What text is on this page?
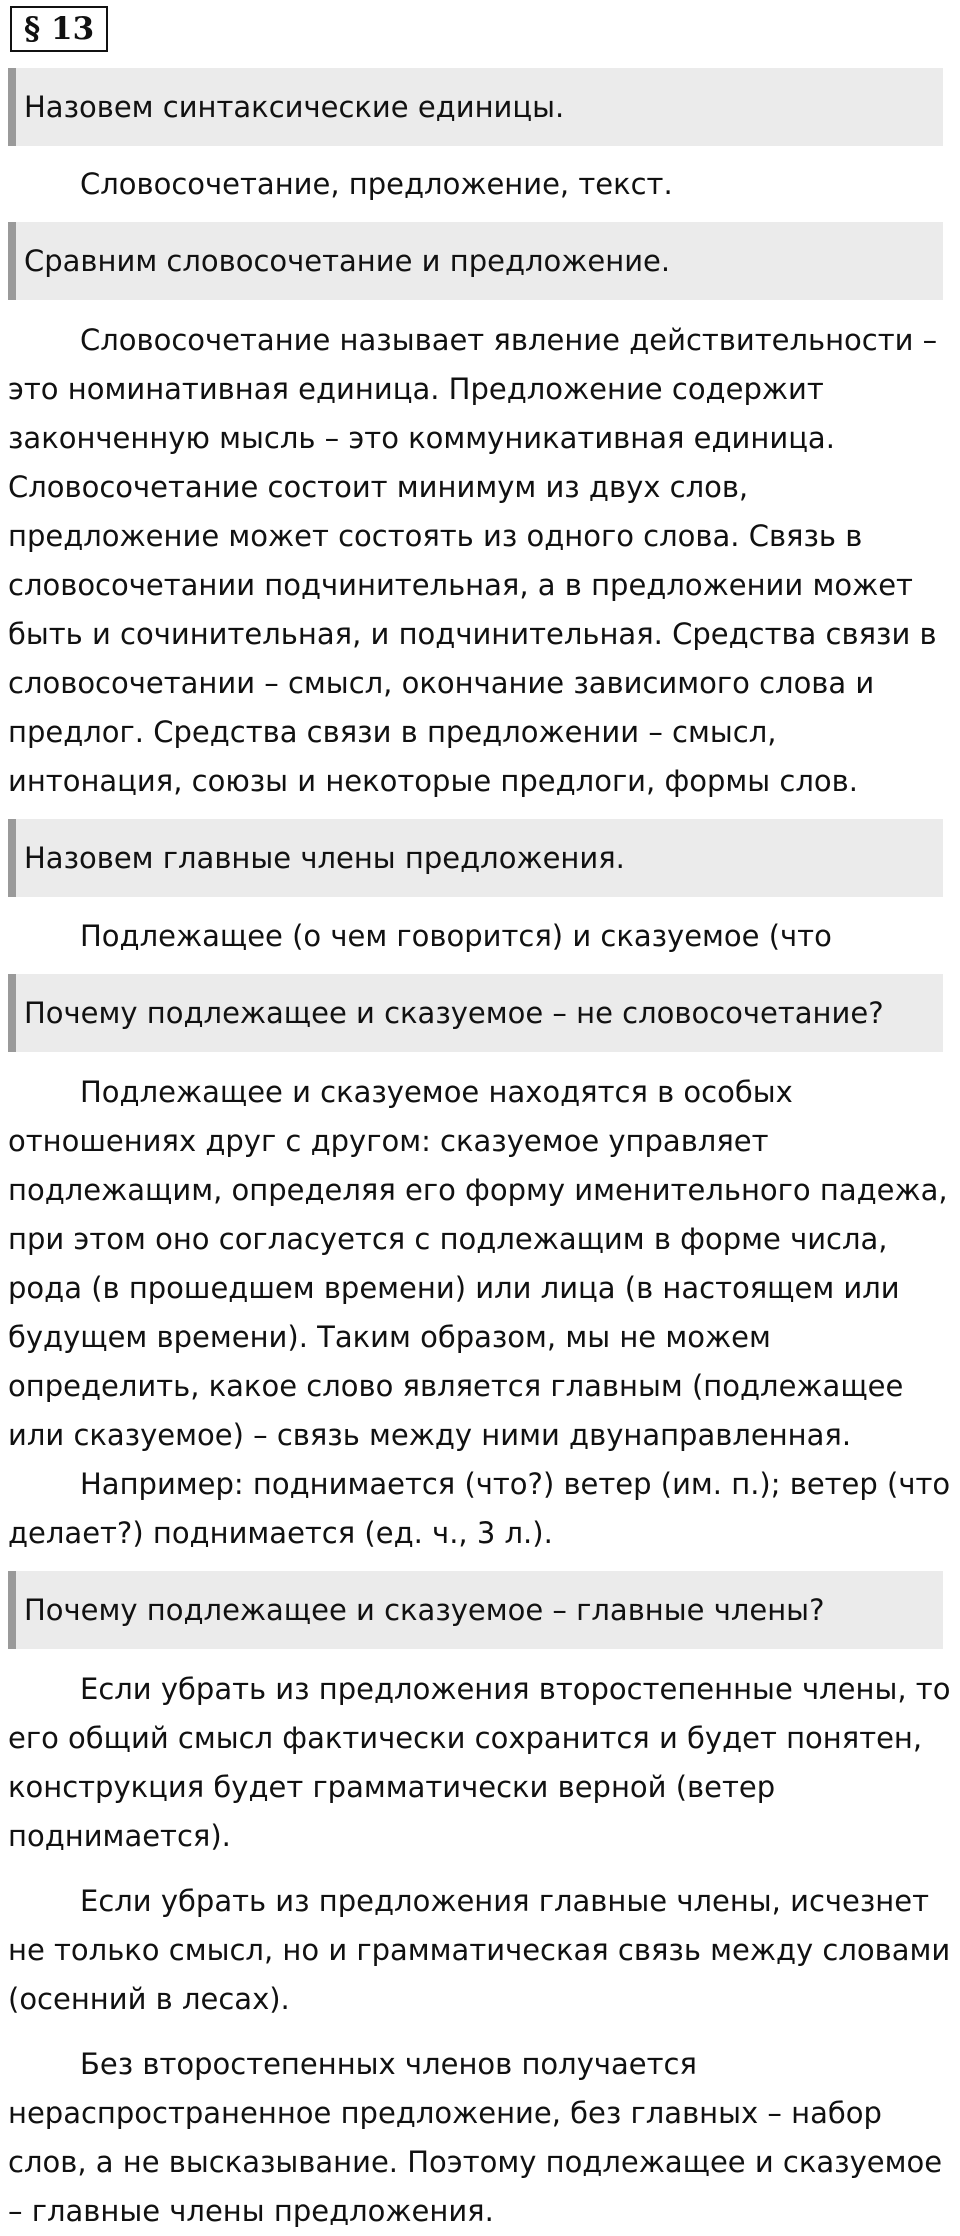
§ 13
Назовем синтаксические единицы.
Словосочетание, предложение, текст.
Сравним словосочетание и предложение.
Словосочетание называет явление действительности –
это номинативная единица. Предложение содержит
законченную мысль – это коммуникативная единица.
Словосочетание состоит минимум из двух слов,
предложение может состоять из одного слова. Связь в
словосочетании подчинительная, а в предложении может
быть и сочинительная, и подчинительная. Средства связи в
словосочетании – смысл, окончание зависимого слова и
предлог. Средства связи в предложении – смысл,
интонация, союзы и некоторые предлоги, формы слов.
Назовем главные члены предложения.
Подлежащее (о чем говорится) и сказуемое (что
Почему подлежащее и сказуемое – не словосочетание?
Подлежащее и сказуемое находятся в особых
отношениях друг с другом: сказуемое управляет
подлежащим, определяя его форму именительного падежа,
при этом оно согласуется с подлежащим в форме числа,
рода (в прошедшем времени) или лица (в настоящем или
будущем времени). Таким образом, мы не можем
определить, какое слово является главным (подлежащее
или сказуемое) – связь между ними двунаправленная.
Например: поднимается (что?) ветер (им. п.); ветер (что
делает?) поднимается (ед. ч., 3 л.).
Почему подлежащее и сказуемое – главные члены?
Если убрать из предложения второстепенные члены, то
его общий смысл фактически сохранится и будет понятен,
конструкция будет грамматически верной (ветер
поднимается).
Если убрать из предложения главные члены, исчезнет
не только смысл, но и грамматическая связь между словами
(осенний в лесах).
Без второстепенных членов получается
нераспространенное предложение, без главных – набор
слов, а не высказывание. Поэтому подлежащее и сказуемое
– главные члены предложения.
